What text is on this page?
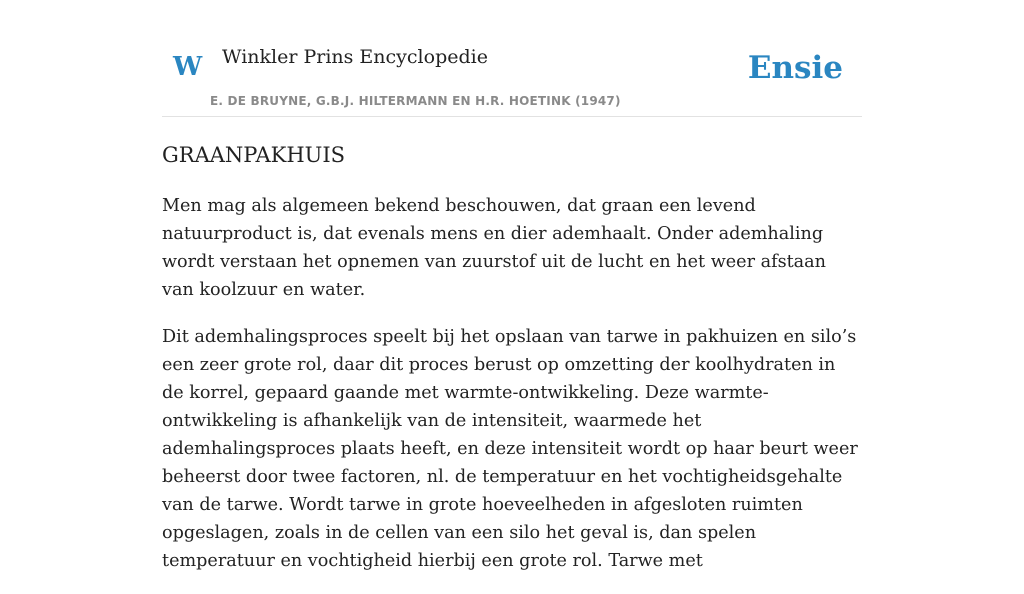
W Winkler Prins Encyclopedie
E. DE BRUYNE, G.B.J. HILTERMANN EN H.R. HOETINK (1947)
Ensie
GRAANPAKHUIS

Men mag als algemeen bekend beschouwen, dat graan een levend natuurproduct is, dat evenals mens en dier ademhaalt. Onder ademhaling wordt verstaan het opnemen van zuurstof uit de lucht en het weer afstaan van koolzuur en water.

Dit ademhalingsproces speelt bij het opslaan van tarwe in pakhuizen en silo’s een zeer grote rol, daar dit proces berust op omzetting der koolhydraten in de korrel, gepaard gaande met warmte-ontwikkeling. Deze warmte-ontwikkeling is afhankelijk van de intensiteit, waarmede het ademhalingsproces plaats heeft, en deze intensiteit wordt op haar beurt weer beheerst door twee factoren, nl. de temperatuur en het vochtigheidsgehalte van de tarwe. Wordt tarwe in grote hoeveelheden in afgesloten ruimten opgeslagen, zoals in de cellen van een silo het geval is, dan spelen temperatuur en vochtigheid hierbij een grote rol. Tarwe met
